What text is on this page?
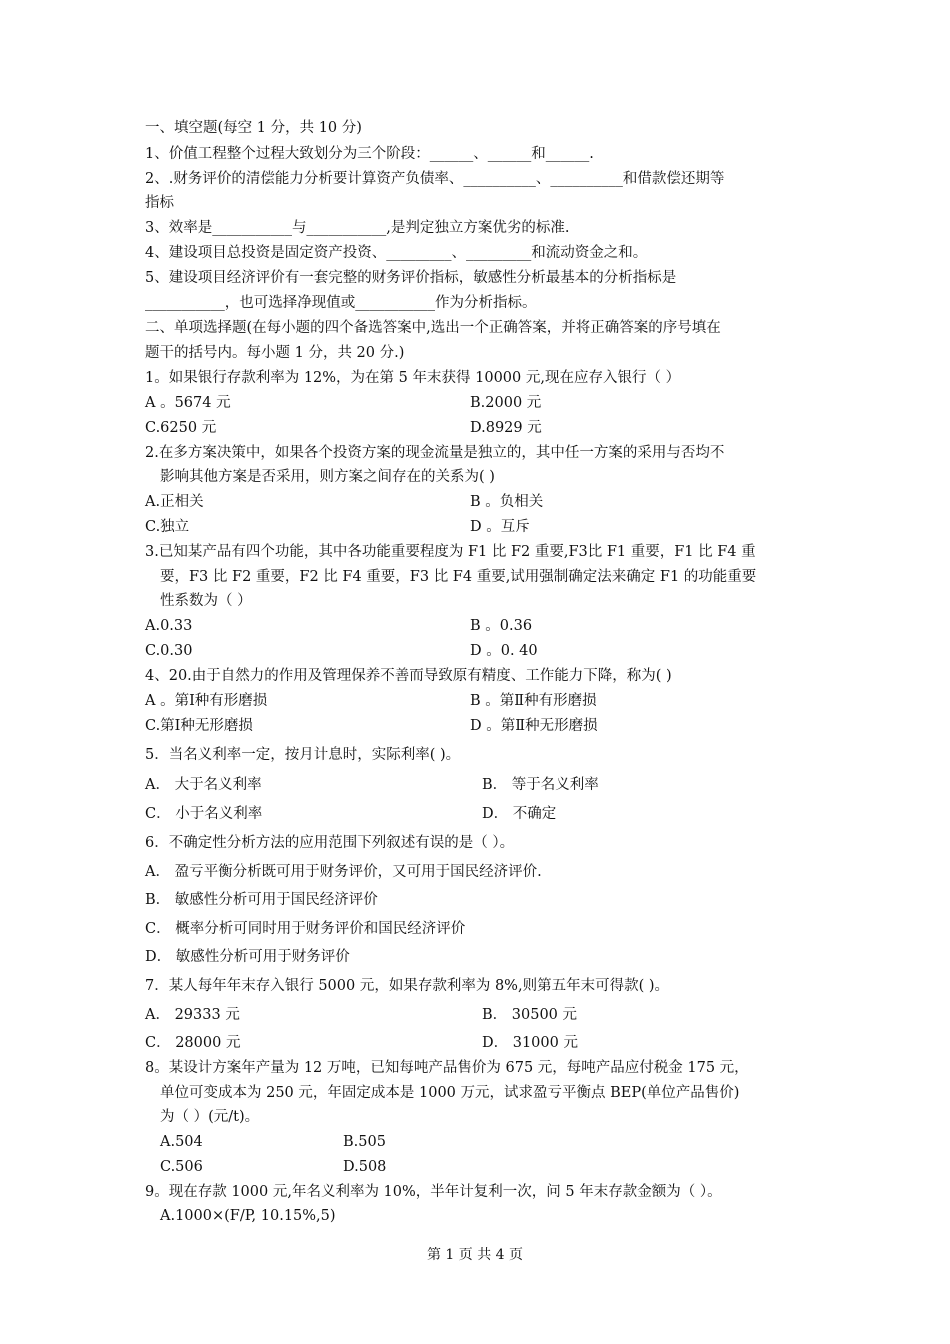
一、填空题(每空 1 分，共 10 分)
1、价值工程整个过程大致划分为三个阶段：______、______和______.
2、.财务评价的清偿能力分析要计算资产负债率、__________、__________和借款偿还期等
指标
3、效率是___________与___________,是判定独立方案优劣的标准.
4、建设项目总投资是固定资产投资、_________、_________和流动资金之和。
5、建设项目经济评价有一套完整的财务评价指标，敏感性分析最基本的分析指标是
___________，也可选择净现值或___________作为分析指标。
二、单项选择题(在每小题的四个备选答案中,选出一个正确答案，并将正确答案的序号填在
题干的括号内。每小题 1 分，共 20 分.)
1。如果银行存款利率为 12%，为在第 5 年末获得 10000 元,现在应存入银行（ ）
A 。5674 元	B.2000 元
C.6250 元	D.8929 元
2.在多方案决策中，如果各个投资方案的现金流量是独立的，其中任一方案的采用与否均不
影响其他方案是否采用，则方案之间存在的关系为( )
A.正相关	B 。负相关
C.独立	D 。互斥
3.已知某产品有四个功能，其中各功能重要程度为 F1 比 F2 重要,F3比 F1 重要，F1 比 F4 重
要，F3 比 F2 重要，F2 比 F4 重要，F3 比 F4 重要,试用强制确定法来确定 F1 的功能重要
性系数为（ ）
A.0.33	B 。0.36
C.0.30	D 。0. 40
4、20.由于自然力的作用及管理保养不善而导致原有精度、工作能力下降，称为( )
A 。第Ⅰ种有形磨损	B 。第Ⅱ种有形磨损
C.第Ⅰ种无形磨损	D 。第Ⅱ种无形磨损
5．当名义利率一定，按月计息时，实际利率( )。
A． 大于名义利率	B． 等于名义利率
C． 小于名义利率	D． 不确定
6．不确定性分析方法的应用范围下列叙述有误的是（ ）。
A． 盈亏平衡分析既可用于财务评价，又可用于国民经济评价.
B． 敏感性分析可用于国民经济评价
C． 概率分析可同时用于财务评价和国民经济评价
D． 敏感性分析可用于财务评价
7．某人每年年末存入银行 5000 元，如果存款利率为 8%,则第五年末可得款( )。
A． 29333 元	B． 30500 元
C． 28000 元	D． 31000 元
8。某设计方案年产量为 12 万吨，已知每吨产品售价为 675 元，每吨产品应付税金 175 元，
单位可变成本为 250 元，年固定成本是 1000 万元，试求盈亏平衡点 BEP(单位产品售价)
为（ ）(元/t)。
A.504	B.505
C.506	D.508
9。现在存款 1000 元,年名义利率为 10%，半年计复利一次，问 5 年末存款金额为（ ）。
A.1000×(F/P, 10.15%,5)
第 1 页 共 4 页
